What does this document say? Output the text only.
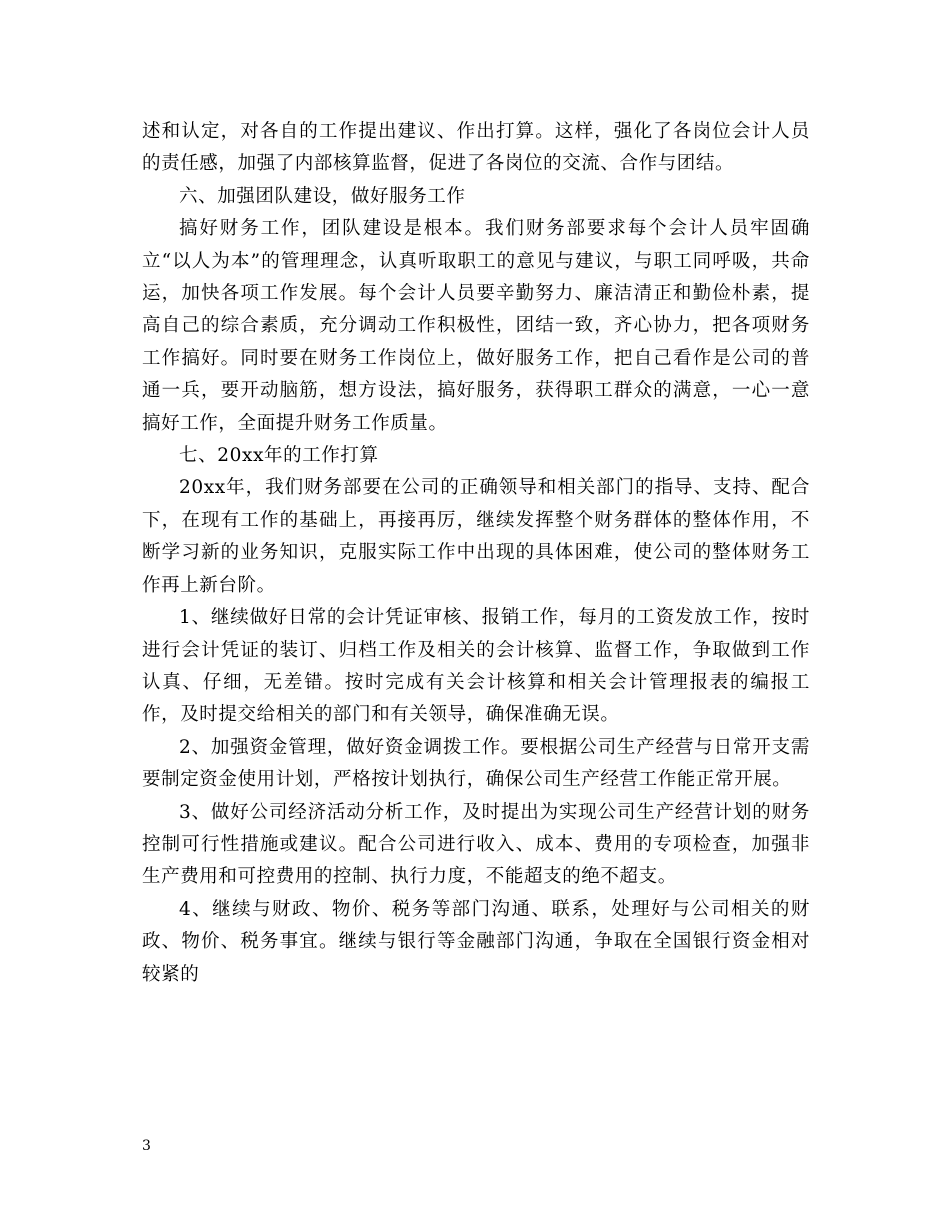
述和认定，对各自的工作提出建议、作出打算。这样，强化了各岗位会计人员的责任感，加强了内部核算监督，促进了各岗位的交流、合作与团结。

六、加强团队建设，做好服务工作

搞好财务工作，团队建设是根本。我们财务部要求每个会计人员牢固确立“以人为本”的管理理念，认真听取职工的意见与建议，与职工同呼吸，共命运，加快各项工作发展。每个会计人员要辛勤努力、廉洁清正和勤俭朴素，提高自己的综合素质，充分调动工作积极性，团结一致，齐心协力，把各项财务工作搞好。同时要在财务工作岗位上，做好服务工作，把自己看作是公司的普通一兵，要开动脑筋，想方设法，搞好服务，获得职工群众的满意，一心一意搞好工作，全面提升财务工作质量。

七、20xx年的工作打算

20xx年，我们财务部要在公司的正确领导和相关部门的指导、支持、配合下，在现有工作的基础上，再接再厉，继续发挥整个财务群体的整体作用，不断学习新的业务知识，克服实际工作中出现的具体困难，使公司的整体财务工作再上新台阶。

1、继续做好日常的会计凭证审核、报销工作，每月的工资发放工作，按时进行会计凭证的装订、归档工作及相关的会计核算、监督工作，争取做到工作认真、仔细，无差错。按时完成有关会计核算和相关会计管理报表的编报工作，及时提交给相关的部门和有关领导，确保准确无误。

2、加强资金管理，做好资金调拨工作。要根据公司生产经营与日常开支需要制定资金使用计划，严格按计划执行，确保公司生产经营工作能正常开展。

3、做好公司经济活动分析工作，及时提出为实现公司生产经营计划的财务控制可行性措施或建议。配合公司进行收入、成本、费用的专项检查，加强非生产费用和可控费用的控制、执行力度，不能超支的绝不超支。

4、继续与财政、物价、税务等部门沟通、联系，处理好与公司相关的财政、物价、税务事宜。继续与银行等金融部门沟通，争取在全国银行资金相对较紧的

3
